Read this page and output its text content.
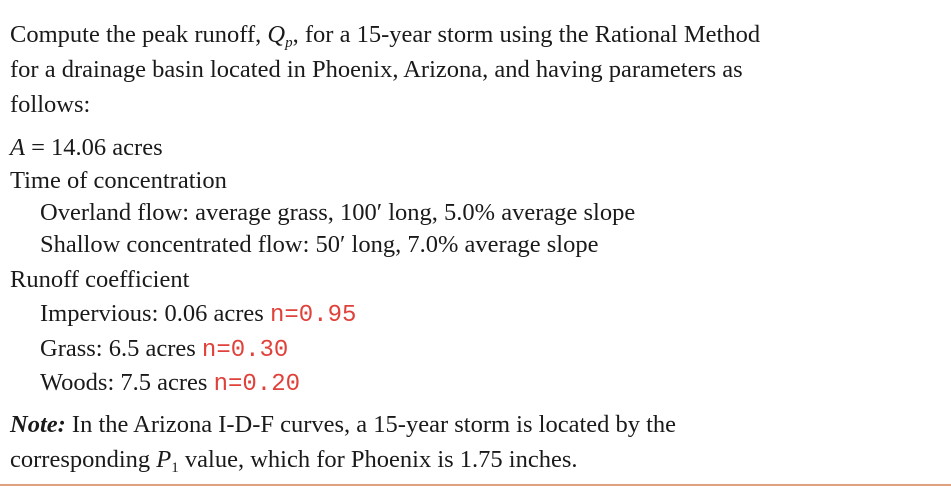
Compute the peak runoff, $Q_p$, for a 15-year storm using the Rational Method
for a drainage basin located in Phoenix, Arizona, and having parameters as
follows:
A = 14.06 acres
Time of concentration
Overland flow: average grass, 100′ long, 5.0% average slope
Shallow concentrated flow: 50′ long, 7.0% average slope
Runoff coefficient
Impervious: 0.06 acres n=0.95
Grass: 6.5 acres n=0.30
Woods: 7.5 acres n=0.20
Note: In the Arizona I-D-F curves, a 15-year storm is located by the
corresponding $P_1$ value, which for Phoenix is 1.75 inches.
